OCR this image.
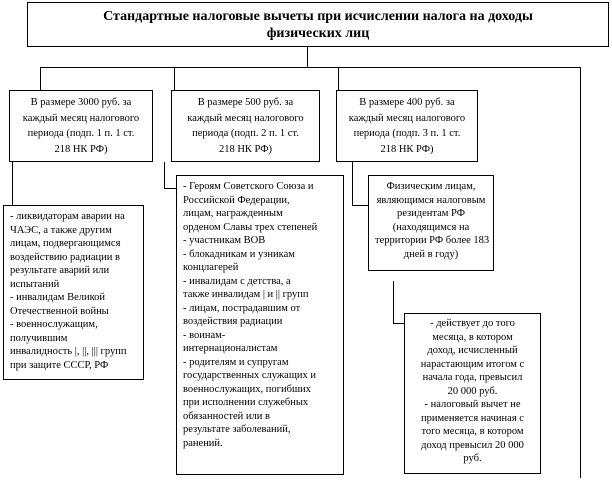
Стандартные налоговые вычеты при исчислении налога на доходы
физических лиц
В размере 3000 руб. за
каждый месяц налогового
периода (подп. 1 п. 1 ст.
218 НК РФ)
В размере 500 руб. за
каждый месяц налогового
периода (подп. 2 п. 1 ст.
218 НК РФ)
В размере 400 руб. за
каждый месяц налогового
периода (подп. 3 п. 1 ст.
218 НК РФ)
- ликвидаторам аварии на
ЧАЭС, а также другим
лицам, подвергающимся
воздействию радиации в
результате аварий или
испытаний
- инвалидам Великой
Отечественной войны
- военнослужащим,
получившим
инвалидность |, ||, ||| групп
при защите СССР, РФ
- Героям Советского Союза и
Российской Федерации,
лицам, награжденным
орденом Славы трех степеней
- участникам ВОВ
- блокадникам и узникам
концлагерей
- инвалидам с детства, а
также инвалидам | и || групп
- лицам, пострадавшим от
воздействия радиации
- воинам-
интернационалистам
- родителям и супругам
государственных служащих и
военнослужащих, погибших
при исполнении служебных
обязанностей или в
результате заболеваний,
ранений.
Физическим лицам,
являющимся налоговым
резидентам РФ
(находящимся на
территории РФ более 183
дней в году)
- действует до того
месяца, в котором
доход, исчисленный
нарастающим итогом с
начала года, превысил
20 000 руб.
- налоговый вычет не
применяется начиная с
того месяца, в котором
доход превысил 20 000
руб.
